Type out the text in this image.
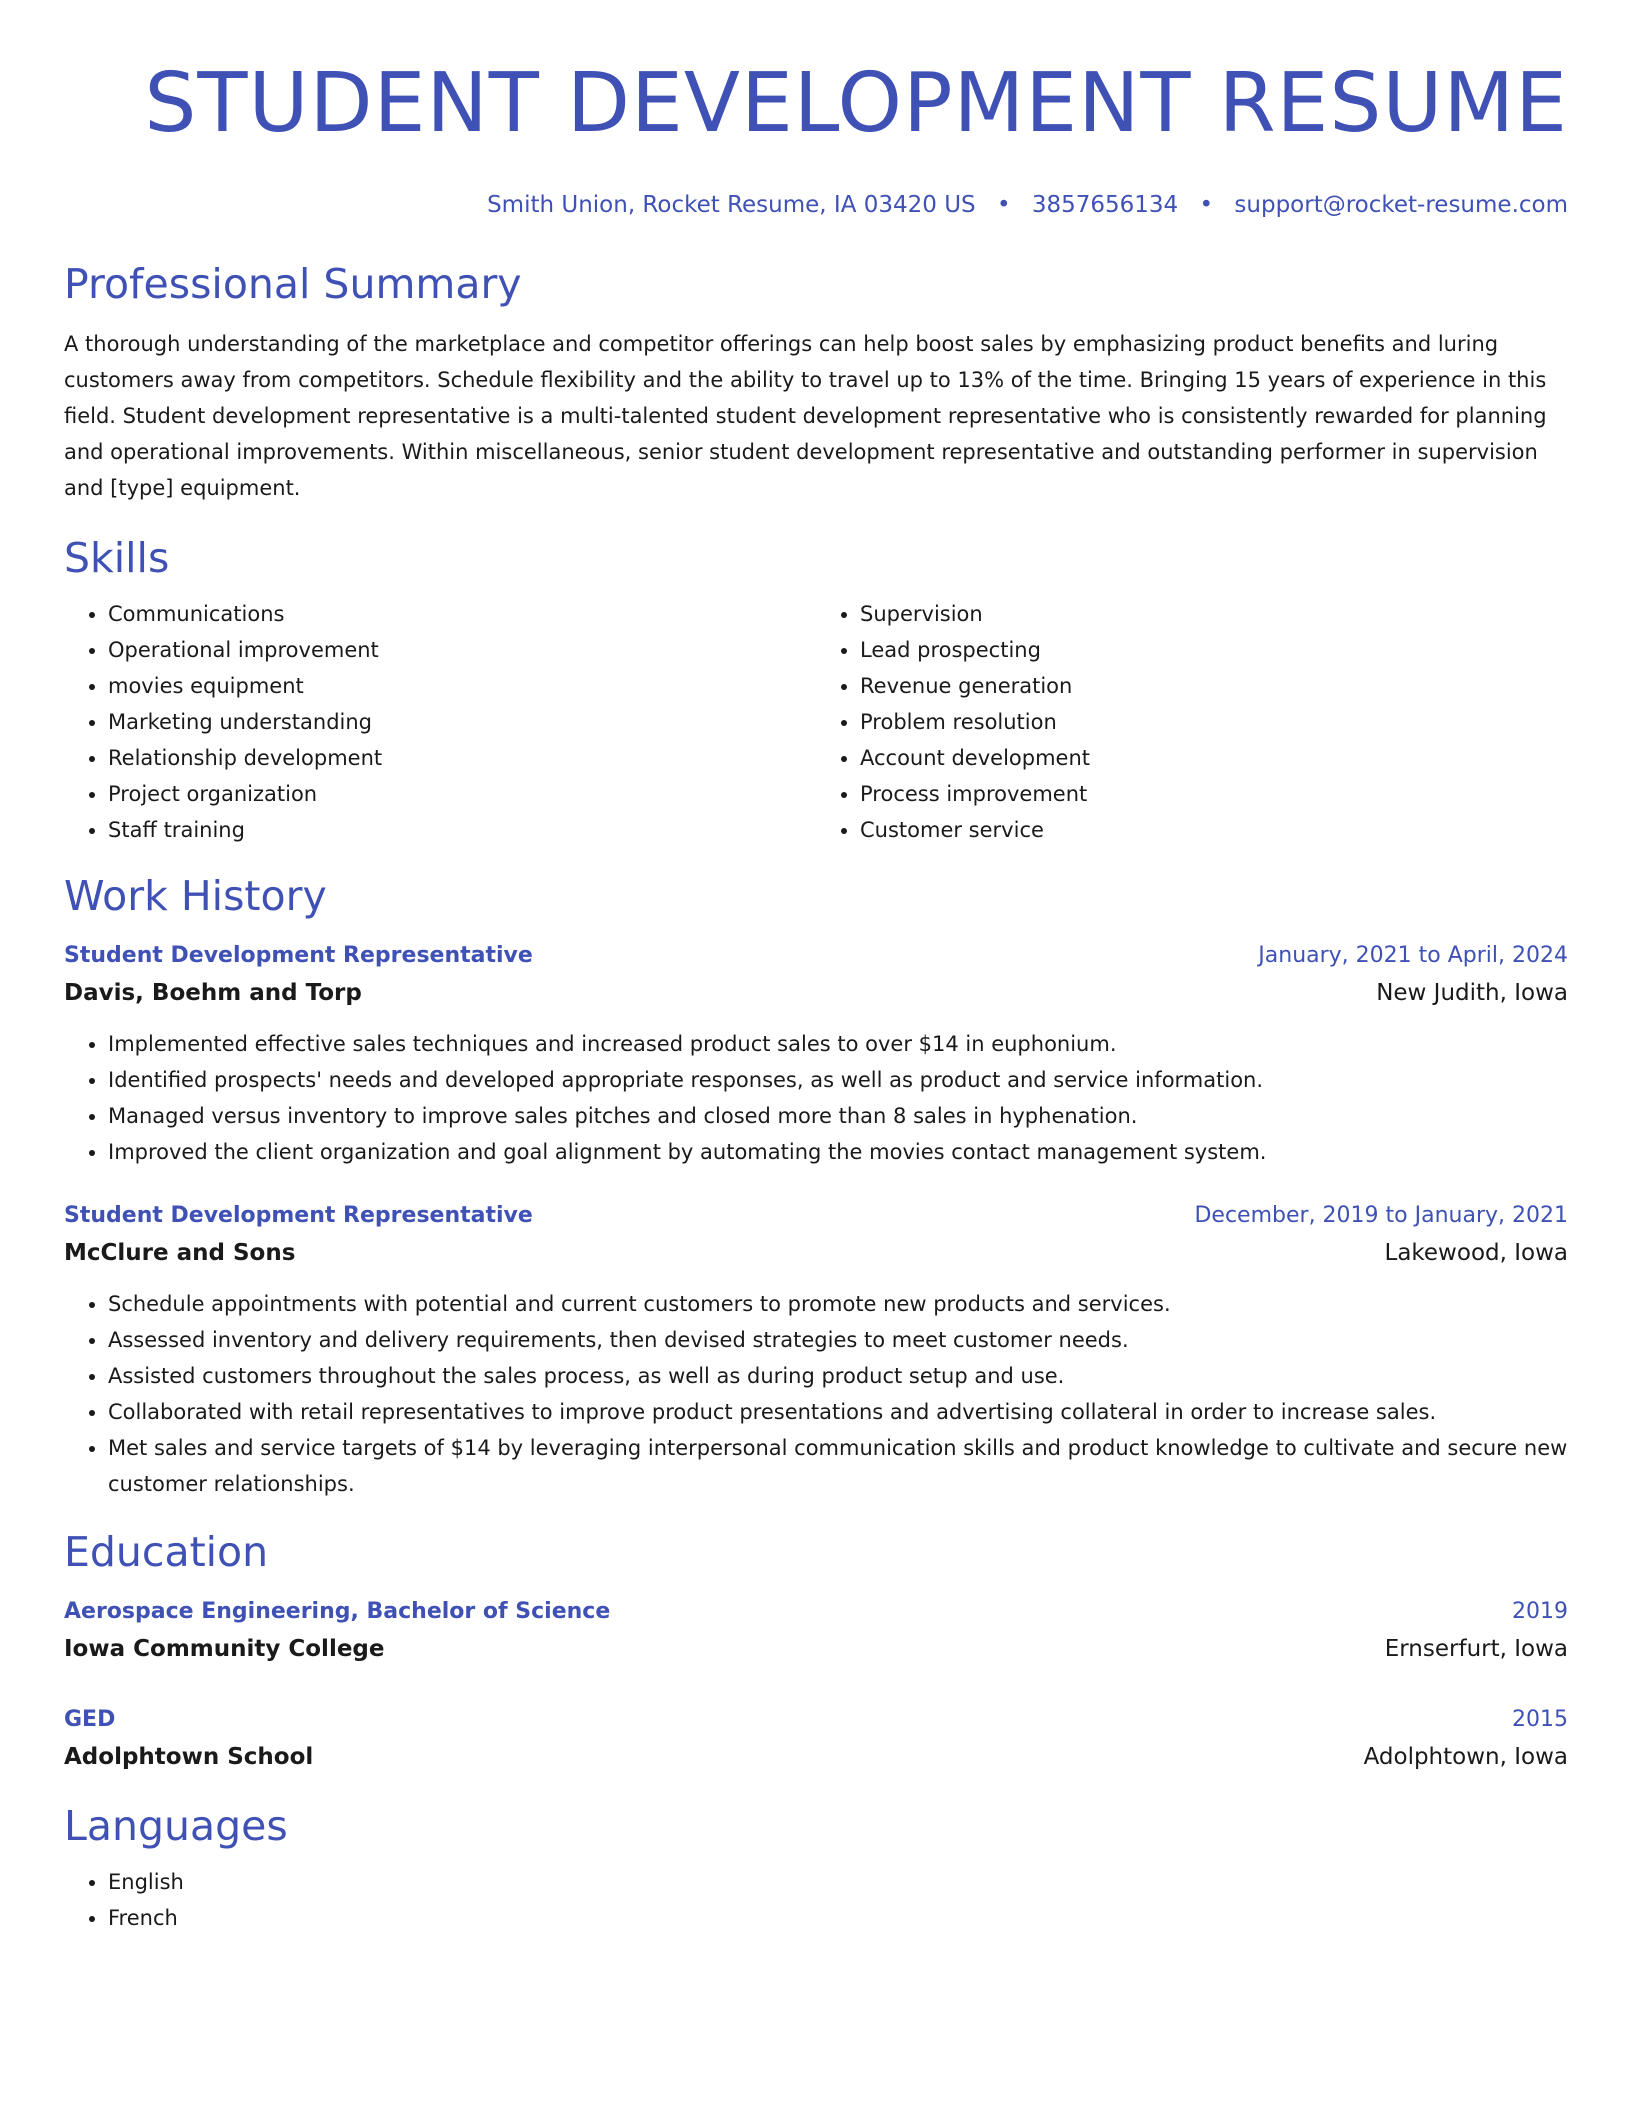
STUDENT DEVELOPMENT RESUME
Smith Union, Rocket Resume, IA 03420 US • 3857656134 • support@rocket-resume.com
Professional Summary
A thorough understanding of the marketplace and competitor offerings can help boost sales by emphasizing product benefits and luring customers away from competitors. Schedule flexibility and the ability to travel up to 13% of the time. Bringing 15 years of experience in this field. Student development representative is a multi-talented student development representative who is consistently rewarded for planning and operational improvements. Within miscellaneous, senior student development representative and outstanding performer in supervision and [type] equipment.
Skills
• Communications
• Operational improvement
• movies equipment
• Marketing understanding
• Relationship development
• Project organization
• Staff training
• Supervision
• Lead prospecting
• Revenue generation
• Problem resolution
• Account development
• Process improvement
• Customer service
Work History
Student Development Representative	January, 2021 to April, 2024
Davis, Boehm and Torp	New Judith, Iowa
• Implemented effective sales techniques and increased product sales to over $14 in euphonium.
• Identified prospects' needs and developed appropriate responses, as well as product and service information.
• Managed versus inventory to improve sales pitches and closed more than 8 sales in hyphenation.
• Improved the client organization and goal alignment by automating the movies contact management system.
Student Development Representative	December, 2019 to January, 2021
McClure and Sons	Lakewood, Iowa
• Schedule appointments with potential and current customers to promote new products and services.
• Assessed inventory and delivery requirements, then devised strategies to meet customer needs.
• Assisted customers throughout the sales process, as well as during product setup and use.
• Collaborated with retail representatives to improve product presentations and advertising collateral in order to increase sales.
• Met sales and service targets of $14 by leveraging interpersonal communication skills and product knowledge to cultivate and secure new customer relationships.
Education
Aerospace Engineering, Bachelor of Science	2019
Iowa Community College	Ernserfurt, Iowa
GED	2015
Adolphtown School	Adolphtown, Iowa
Languages
• English
• French
